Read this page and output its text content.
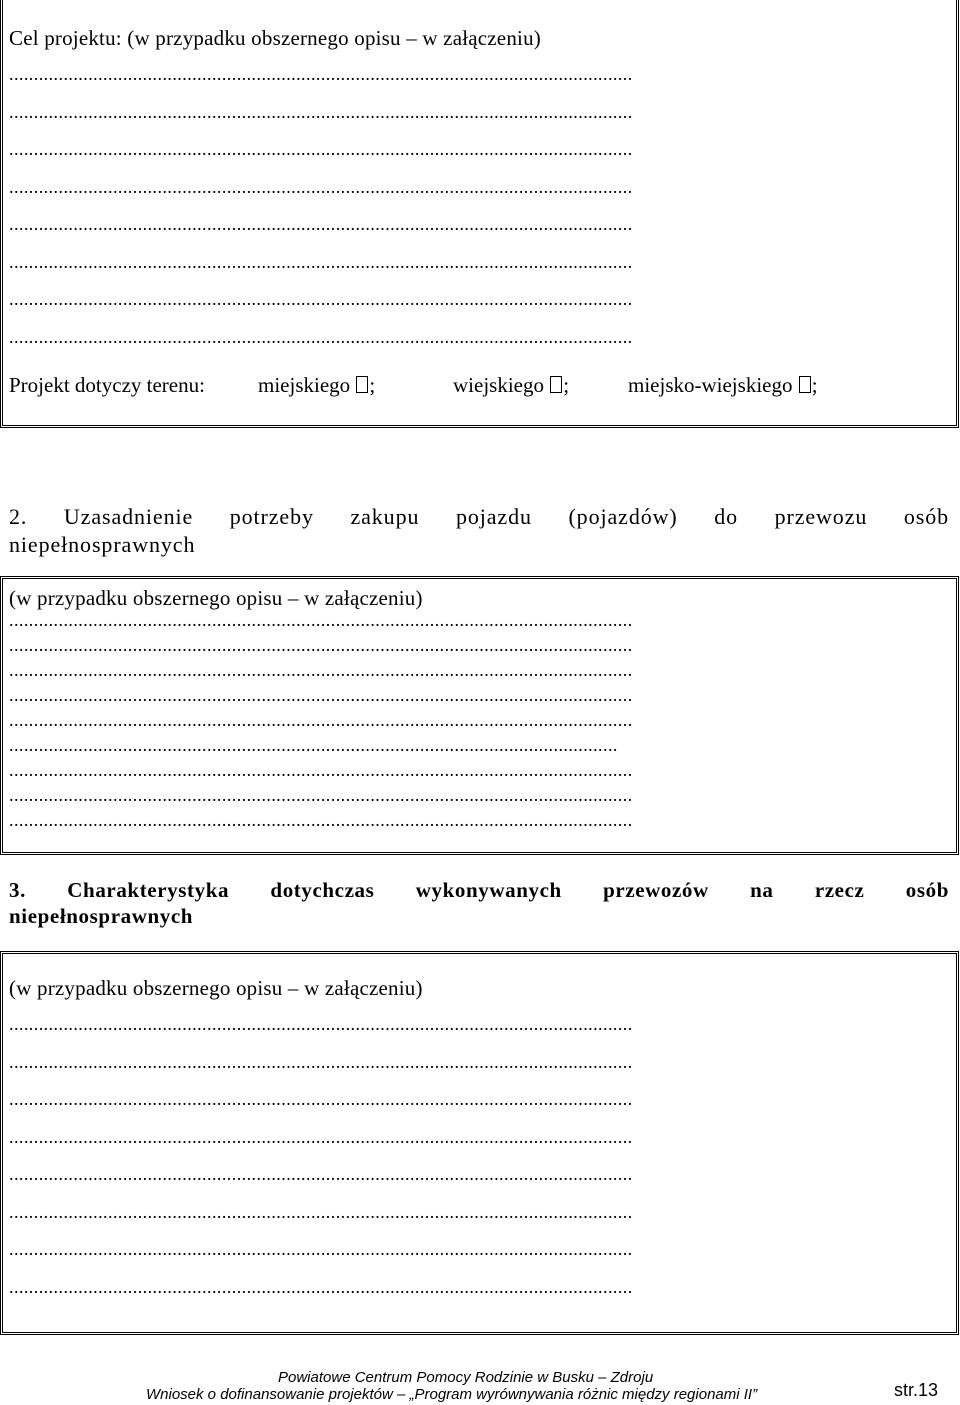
Cel projektu: (w przypadku obszernego opisu – w załączeniu)
..............................................................................................................................
..............................................................................................................................
..............................................................................................................................
..............................................................................................................................
..............................................................................................................................
..............................................................................................................................
..............................................................................................................................
..............................................................................................................................
Projekt dotyczy terenu:	miejskiego ;	wiejskiego ;	miejsko-wiejskiego ;
2. Uzasadnienie potrzeby zakupu pojazdu (pojazdów) do przewozu osób
niepełnosprawnych
(w przypadku obszernego opisu – w załączeniu)
..............................................................................................................................
..............................................................................................................................
..............................................................................................................................
..............................................................................................................................
..............................................................................................................................
...........................................................................................................................
..............................................................................................................................
..............................................................................................................................
..............................................................................................................................
3. Charakterystyka dotychczas wykonywanych przewozów na rzecz osób
niepełnosprawnych
(w przypadku obszernego opisu – w załączeniu)
..............................................................................................................................
..............................................................................................................................
..............................................................................................................................
..............................................................................................................................
..............................................................................................................................
..............................................................................................................................
..............................................................................................................................
..............................................................................................................................
Powiatowe Centrum Pomocy Rodzinie w Busku – Zdroju
Wniosek o dofinansowanie projektów – „Program wyrównywania różnic między regionami II”	str.13
